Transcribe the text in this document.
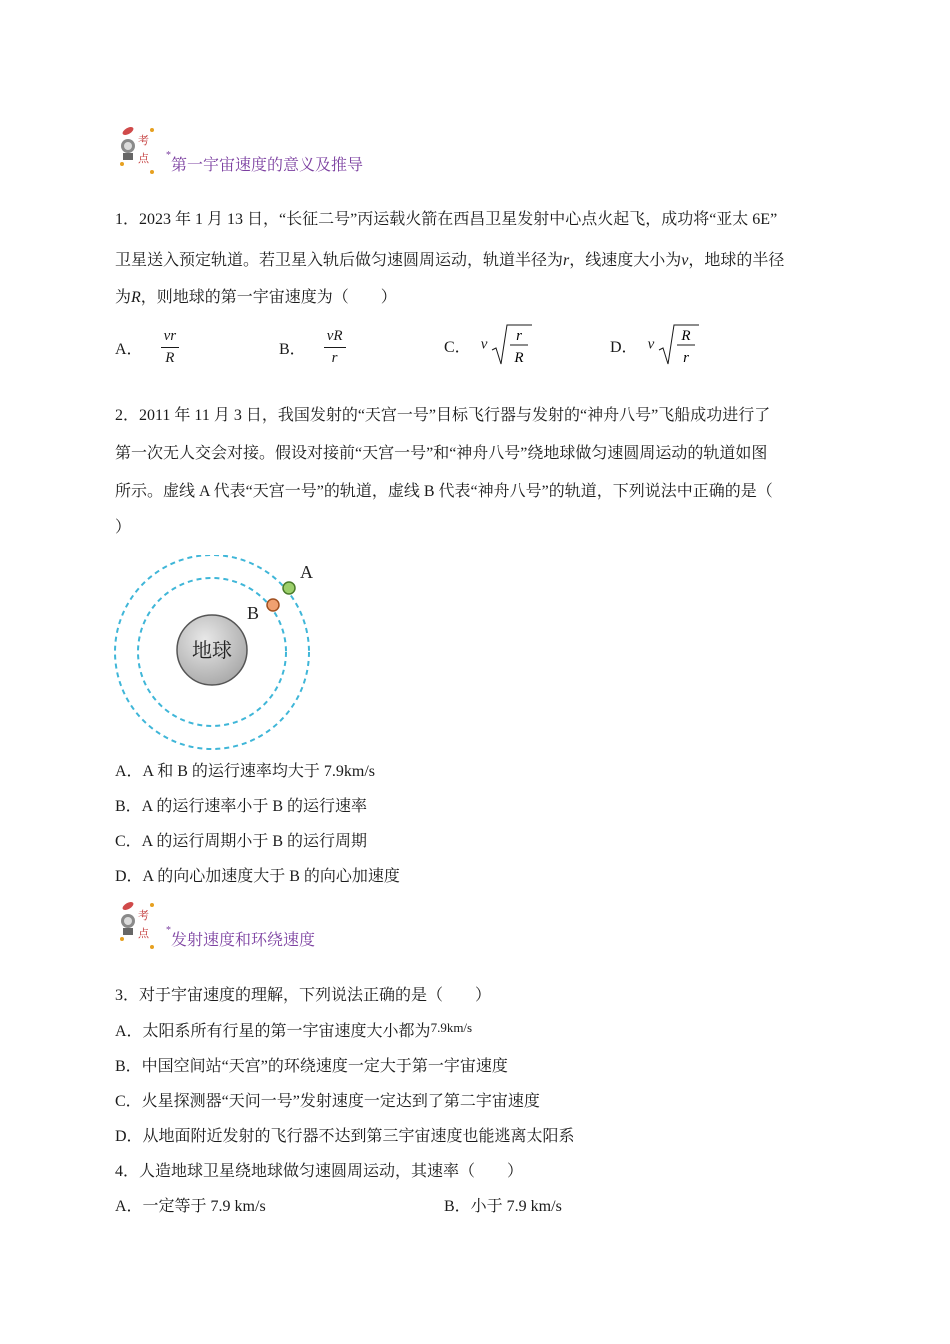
考
点 *第一宇宙速度的意义及推导
1．2023 年 1 月 13 日，“长征二号”丙运载火箭在西昌卫星发射中心点火起飞，成功将“亚太 6E”
卫星送入预定轨道。若卫星入轨后做匀速圆周运动，轨道半径为r，线速度大小为v，地球的半径
为R，则地球的第一宇宙速度为（　　）
A． $\frac{vr}{R}$	B． $\frac{vR}{r}$	C． v
r
R
D． v
R
r
2．2011 年 11 月 3 日，我国发射的“天宫一号”目标飞行器与发射的“神舟八号”飞船成功进行了
第一次无人交会对接。假设对接前“天宫一号”和“神舟八号”绕地球做匀速圆周运动的轨道如图
所示。虚线 A 代表“天宫一号”的轨道，虚线 B 代表“神舟八号”的轨道，下列说法中正确的是（
）
地球
A
B
A．A 和 B 的运行速率均大于 7.9km/s
B．A 的运行速率小于 B 的运行速率
C．A 的运行周期小于 B 的运行周期
D．A 的向心加速度大于 B 的向心加速度
考
点 *发射速度和环绕速度
3．对于宇宙速度的理解，下列说法正确的是（　　）
A．太阳系所有行星的第一宇宙速度大小都为$^{7.9km/s}$
B．中国空间站“天宫”的环绕速度一定大于第一宇宙速度
C．火星探测器“天问一号”发射速度一定达到了第二宇宙速度
D．从地面附近发射的飞行器不达到第三宇宙速度也能逃离太阳系
4．人造地球卫星绕地球做匀速圆周运动，其速率（　　）
A．一定等于 7.9 km/s	B．小于 7.9 km/s
